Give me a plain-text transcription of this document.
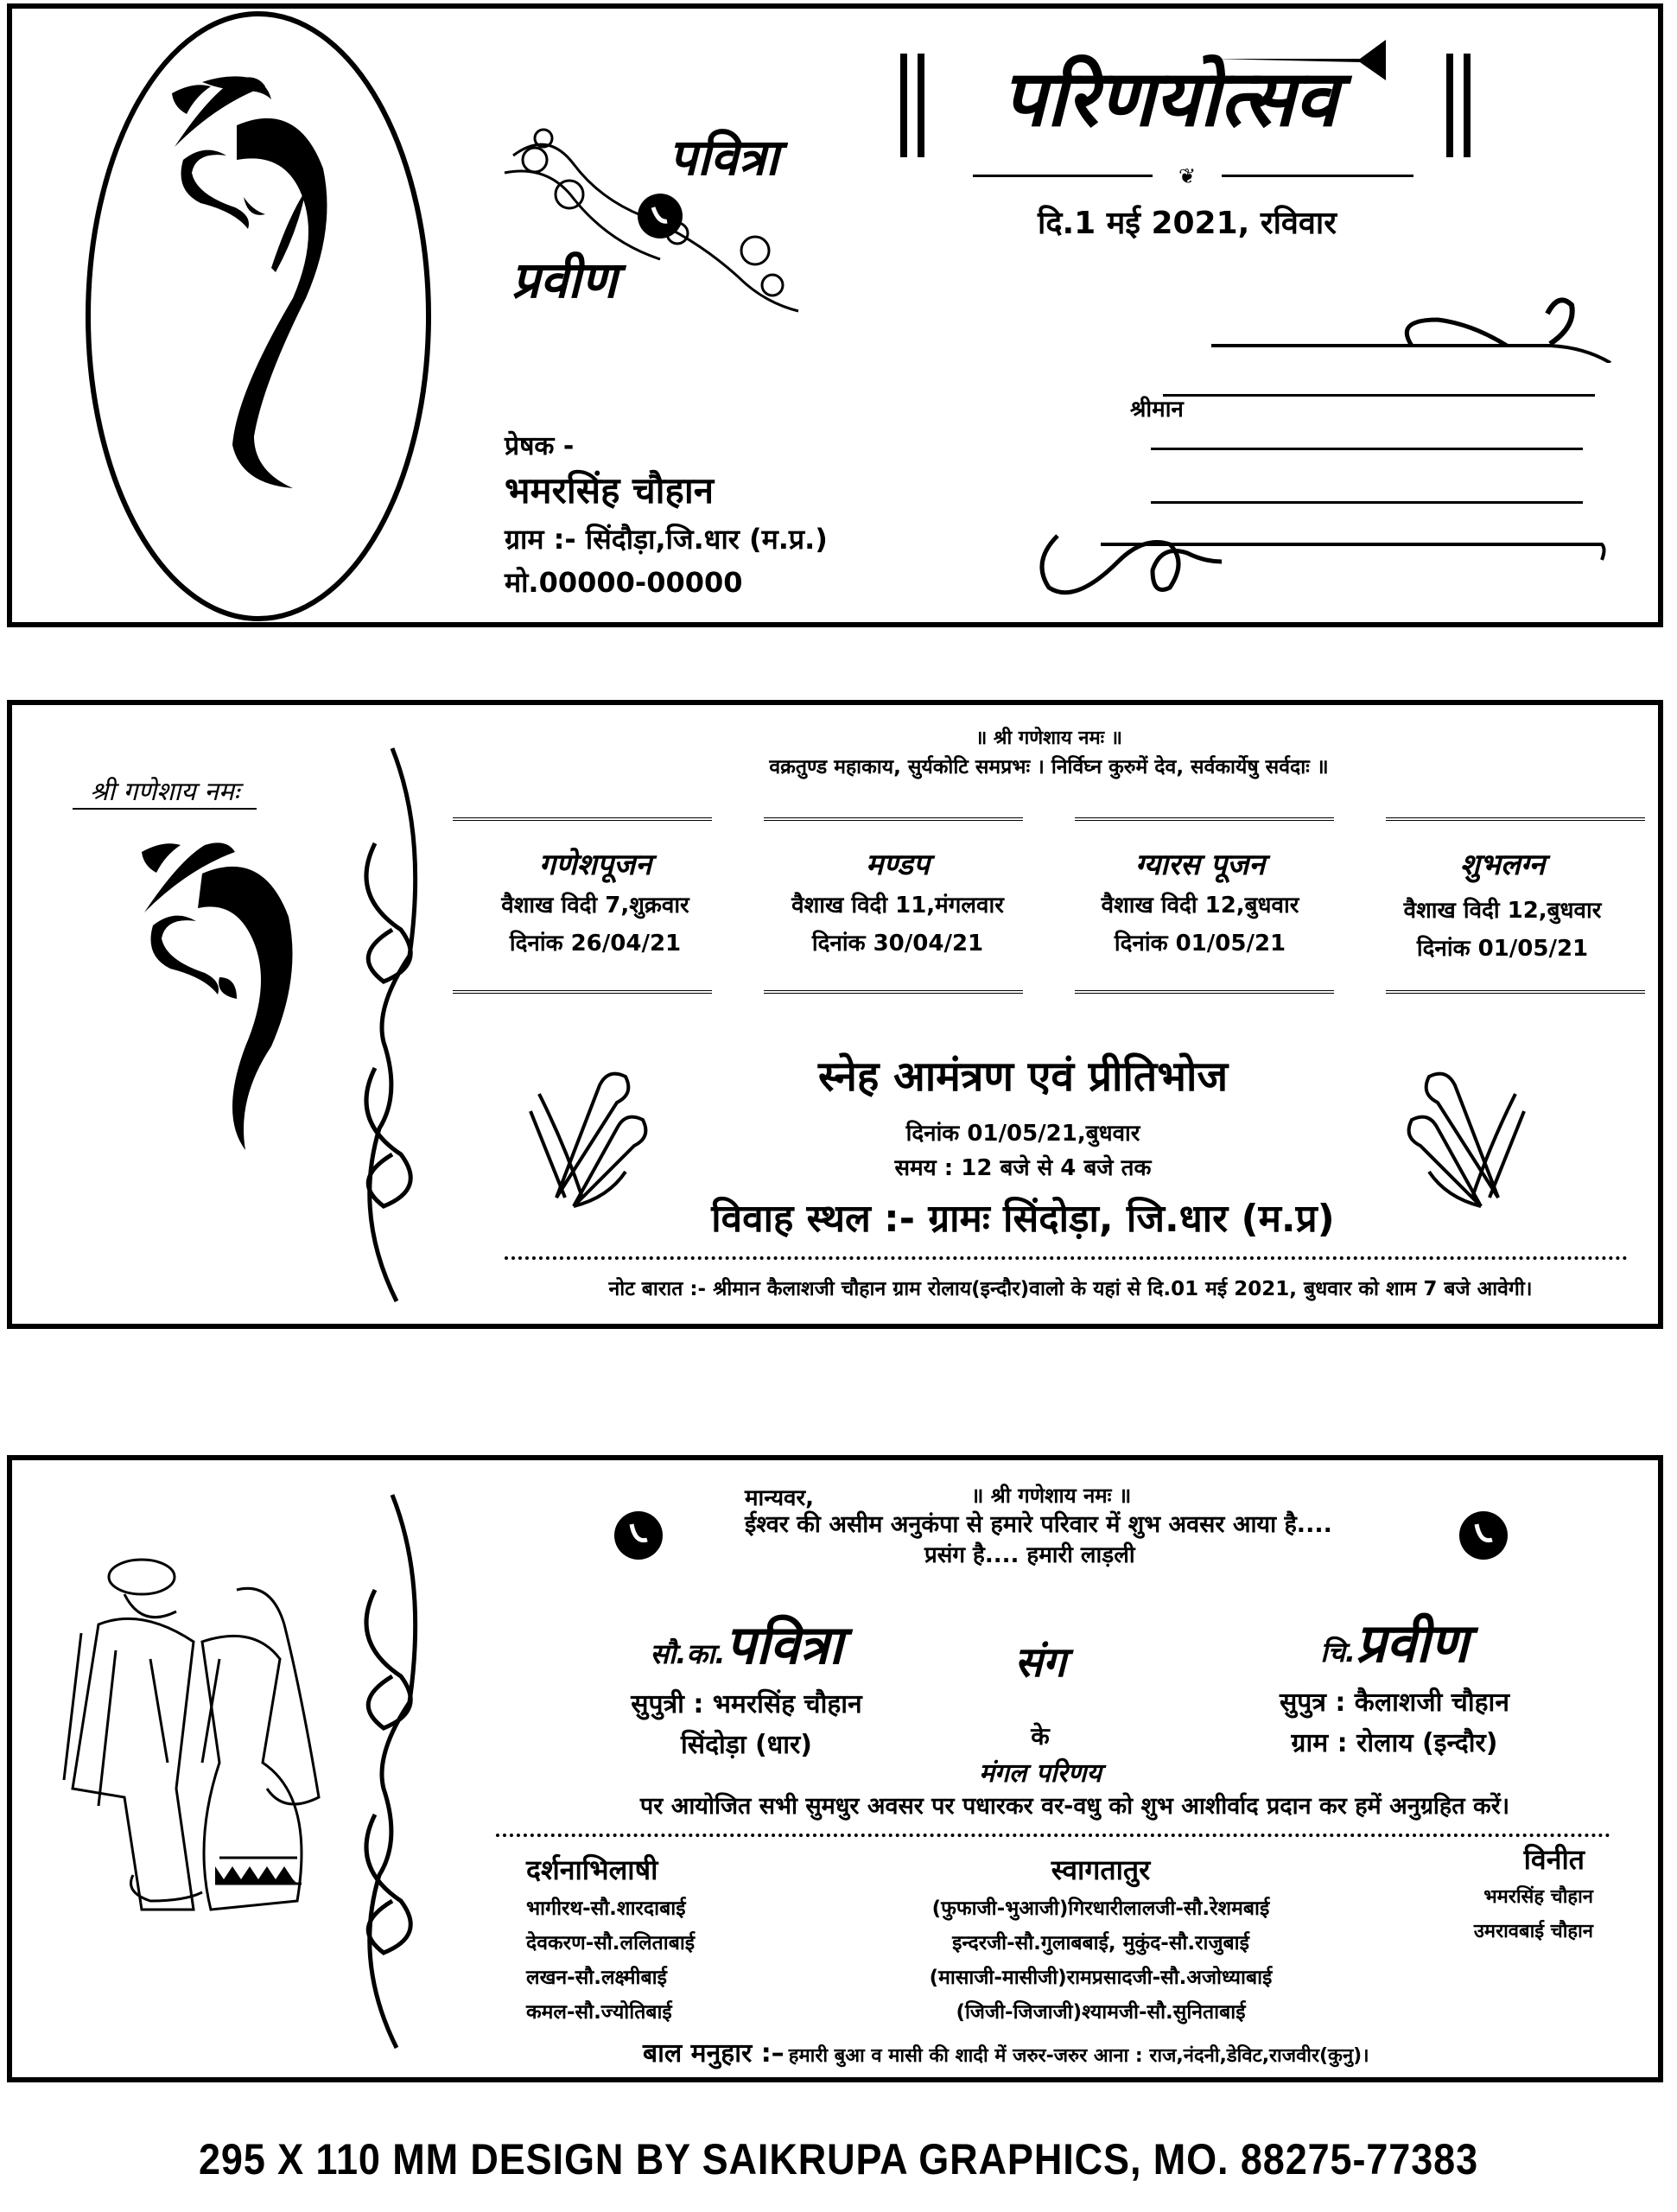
पवित्रा
प्रवीण
परिणयोत्सव
❦
दि.1 मई 2021, रविवार
श्रीमान
प्रेषक -
भमरसिंह चौहान
ग्राम :- सिंदौड़ा,जि.धार (म.प्र.)
मो.00000-00000
श्री गणेशाय नमः
॥ श्री गणेशाय नमः ॥
वक्रतुण्ड महाकाय, सुर्यकोटि समप्रभः । निर्विघ्न कुरुमें देव, सर्वकार्येषु सर्वदाः ॥
गणेशपूजन
वैशाख विदी 7,शुक्रवार
दिनांक 26/04/21
मण्डप
वैशाख विदी 11,मंगलवार
दिनांक 30/04/21
ग्यारस पूजन
वैशाख विदी 12,बुधवार
दिनांक 01/05/21
शुभलग्न
वैशाख विदी 12,बुधवार
दिनांक 01/05/21
स्नेह आमंत्रण एवं प्रीतिभोज
दिनांक 01/05/21,बुधवार
समय : 12 बजे से 4 बजे तक
विवाह स्थल :- ग्रामः सिंदोड़ा, जि.धार (म.प्र)
नोट बारात :- श्रीमान कैलाशजी चौहान ग्राम रोलाय(इन्दौर)वालो के यहां से दि.01 मई 2021, बुधवार को शाम 7 बजे आवेगी।
मान्यवर,	॥ श्री गणेशाय नमः ॥
ईश्वर की असीम अनुकंपा से हमारे परिवार में शुभ अवसर आया है....
प्रसंग है.... हमारी लाड़ली
सौ.का.पवित्रा
सुपुत्री : भमरसिंह चौहान
सिंदोड़ा (धार)
संग
के
मंगल परिणय
चि.प्रवीण
सुपुत्र : कैलाशजी चौहान
ग्राम : रोलाय (इन्दौर)
पर आयोजित सभी सुमधुर अवसर पर पधारकर वर-वधु को शुभ आशीर्वाद प्रदान कर हमें अनुग्रहित करें।
दर्शनाभिलाषी
भागीरथ-सौ.शारदाबाई
देवकरण-सौ.ललिताबाई
लखन-सौ.लक्ष्मीबाई
कमल-सौ.ज्योतिबाई
स्वागतातुर
(फुफाजी-भुआजी)गिरधारीलालजी-सौ.रेशमबाई
इन्दरजी-सौ.गुलाबबाई, मुकुंद-सौ.राजुबाई
(मासाजी-मासीजी)रामप्रसादजी-सौ.अजोध्याबाई
(जिजी-जिजाजी)श्यामजी-सौ.सुनिताबाई
विनीत
भमरसिंह चौहान
उमरावबाई चौहान
बाल मनुहार :– हमारी बुआ व मासी की शादी में जरुर-जरुर आना : राज,नंदनी,डेविट,राजवीर(कुनु)।
295 X 110 MM DESIGN BY SAIKRUPA GRAPHICS, MO. 88275-77383
